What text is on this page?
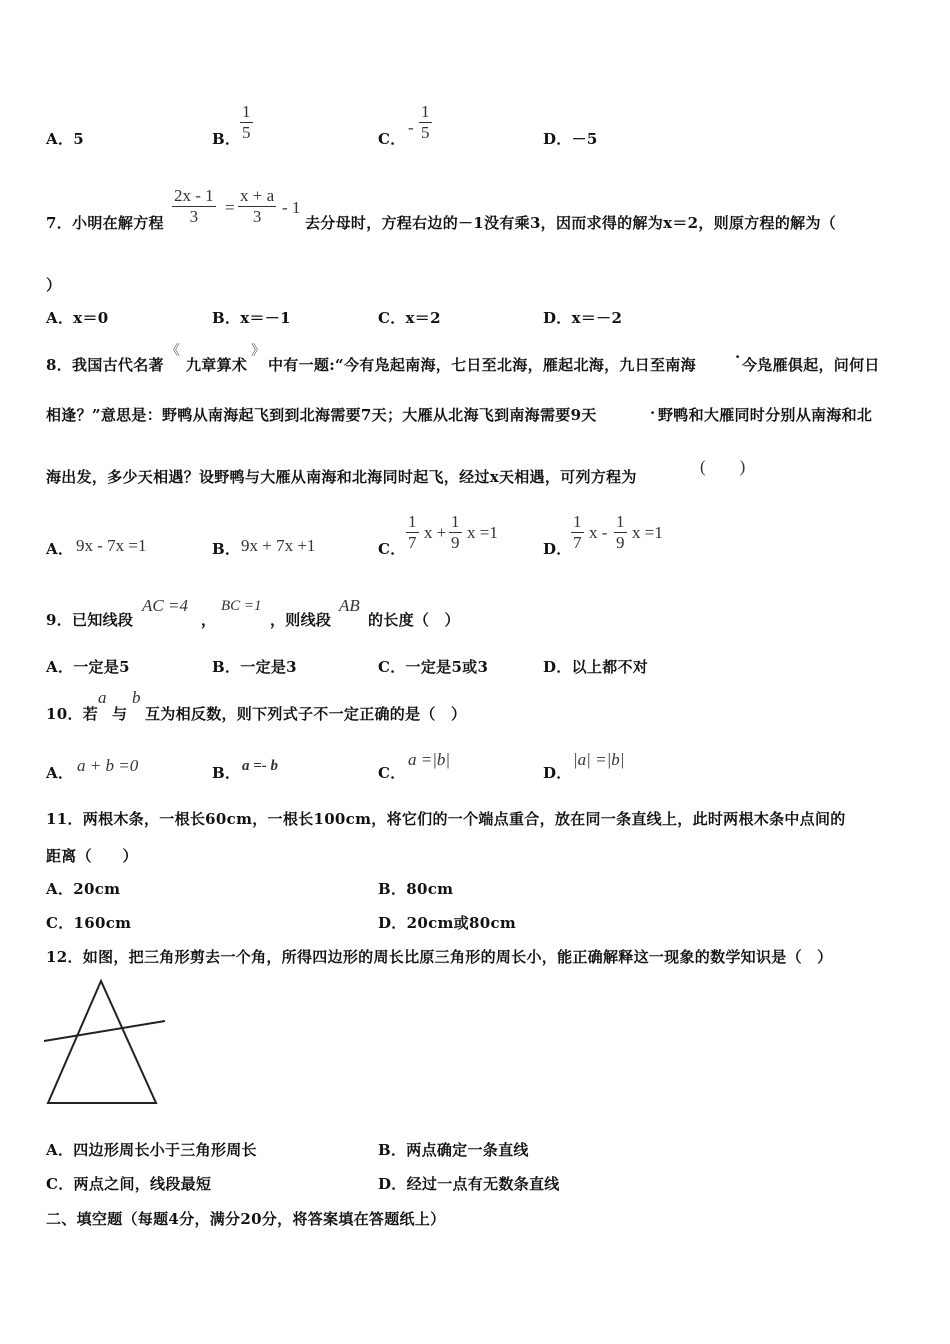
A．5	B． $\frac{1}{5}$	C．
- $\frac{1}{5}$	D．－5
7．小明在解方程 $\frac{2x - 1}{3} = \frac{x + a}{3} - 1$
去分母时，方程右边的－1没有乘3，因而求得的解为x＝2，则原方程的解为（
）
A．x＝0	B．x＝－1	C．x＝2	D．x＝－2
8．我国古代名著
《
九章算术
》
中有一题:“今有凫起南海，七日至北海，雁起北海，九日至南海	· 今凫雁俱起，问何日
相逢？”意思是：野鸭从南海起飞到到北海需要7天；大雁从北海飞到南海需要9天	· 野鸭和大雁同时分别从南海和北
海出发，多少天相遇？设野鸭与大雁从南海和北海同时起飞，经过x天相遇，可列方程为
(　　)
A． 9x - 7x =1	B． 9x + 7x +1	C． $\frac{1}{7}$ $x + \frac{1}{9}$ x =1
D． $\frac{1}{7}$ x - $\frac{1}{9}$ x =1
9．已知线段
AC =4
，
BC =1
，则线段
AB
的长度（　）
A．一定是5	B．一定是3	C．一定是5或3	D．以上都不对
10．若
a
与
b
互为相反数，则下列式子不一定正确的是（　）
A． a + b =0	B． a =- b	C．
a =|b|
D．
|a| =|b|
11．两根木条，一根长60cm，一根长100cm，将它们的一个端点重合，放在同一条直线上，此时两根木条中点间的
距离（　　）
A．20cm	B．80cm
C．160cm	D．20cm或80cm
12．如图，把三角形剪去一个角，所得四边形的周长比原三角形的周长小，能正确解释这一现象的数学知识是（　）
A．四边形周长小于三角形周长	B．两点确定一条直线
C．两点之间，线段最短	D．经过一点有无数条直线
二、填空题（每题4分，满分20分，将答案填在答题纸上）
